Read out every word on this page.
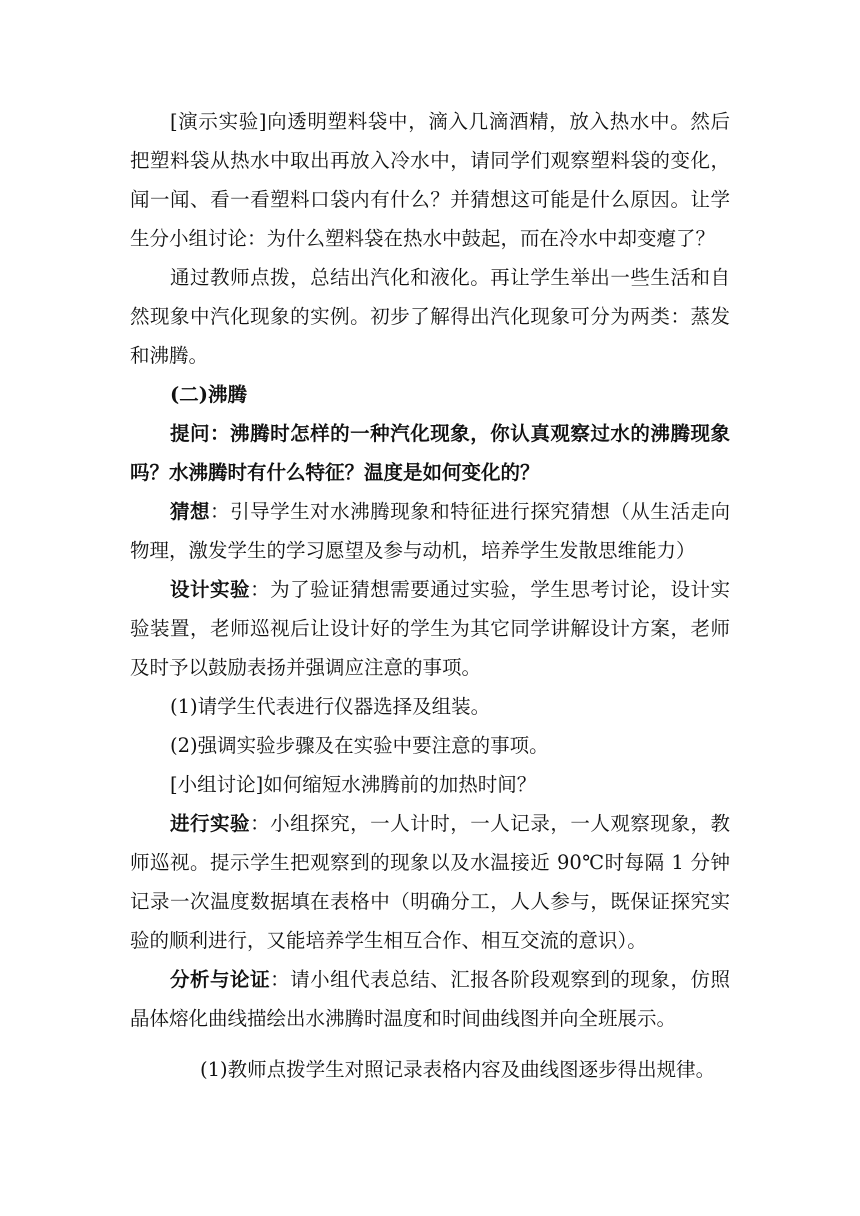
[演示实验]向透明塑料袋中，滴入几滴酒精，放入热水中。然后把塑料袋从热水中取出再放入冷水中，请同学们观察塑料袋的变化，闻一闻、看一看塑料口袋内有什么？并猜想这可能是什么原因。让学生分小组讨论：为什么塑料袋在热水中鼓起，而在冷水中却变瘪了？

通过教师点拨，总结出汽化和液化。再让学生举出一些生活和自然现象中汽化现象的实例。初步了解得出汽化现象可分为两类：蒸发和沸腾。

(二)沸腾

提问：沸腾时怎样的一种汽化现象，你认真观察过水的沸腾现象吗？水沸腾时有什么特征？温度是如何变化的？

猜想：引导学生对水沸腾现象和特征进行探究猜想（从生活走向物理，激发学生的学习愿望及参与动机，培养学生发散思维能力）

设计实验：为了验证猜想需要通过实验，学生思考讨论，设计实验装置，老师巡视后让设计好的学生为其它同学讲解设计方案，老师及时予以鼓励表扬并强调应注意的事项。

(1)请学生代表进行仪器选择及组装。

(2)强调实验步骤及在实验中要注意的事项。

[小组讨论]如何缩短水沸腾前的加热时间？

进行实验：小组探究，一人计时，一人记录，一人观察现象，教师巡视。提示学生把观察到的现象以及水温接近 90℃时每隔 1 分钟记录一次温度数据填在表格中（明确分工，人人参与，既保证探究实验的顺利进行，又能培养学生相互合作、相互交流的意识）。

分析与论证：请小组代表总结、汇报各阶段观察到的现象，仿照晶体熔化曲线描绘出水沸腾时温度和时间曲线图并向全班展示。

(1)教师点拨学生对照记录表格内容及曲线图逐步得出规律。
